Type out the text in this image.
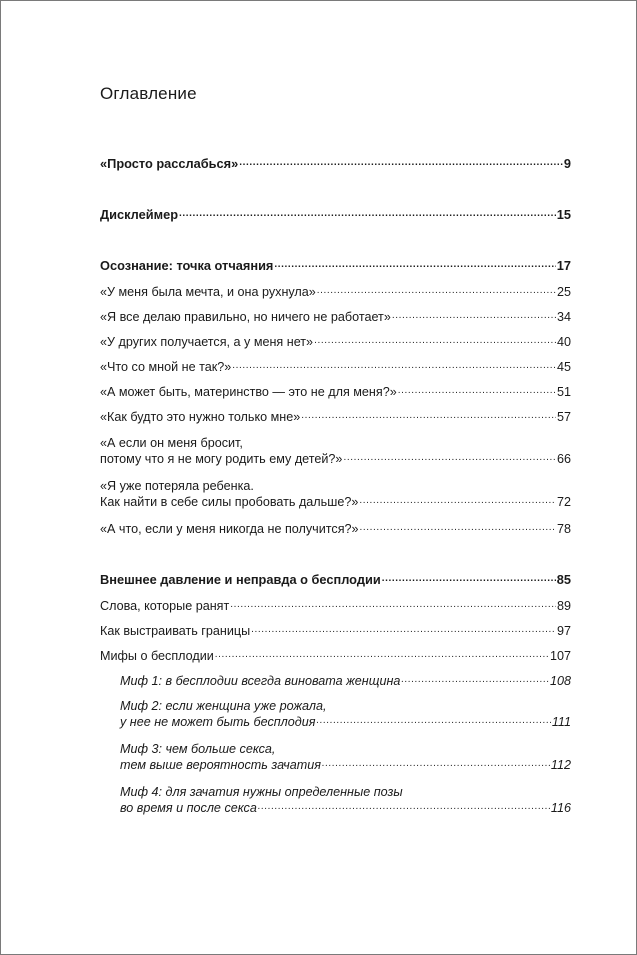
Оглавление
«Просто расслабься» .....	9
Дисклеймер .....	15
Осознание: точка отчаяния .....	17
«У меня была мечта, и она рухнула» .....	25
«Я все делаю правильно, но ничего не работает» .....	34
«У других получается, а у меня нет» .....	40
«Что со мной не так?» .....	45
«А может быть, материнство — это не для меня?» .....	51
«Как будто это нужно только мне» .....	57
«А если он меня бросит,
потому что я не могу родить ему детей?» .....	66
«Я уже потеряла ребенка.
Как найти в себе силы пробовать дальше?» .....	72
«А что, если у меня никогда не получится?» .....	78
Внешнее давление и неправда о бесплодии .....	85
Слова, которые ранят .....	89
Как выстраивать границы .....	97
Мифы о бесплодии .....	107
Миф 1: в бесплодии всегда виновата женщина .....	108
Миф 2: если женщина уже рожала,
у нее не может быть бесплодия .....	111
Миф 3: чем больше секса,
тем выше вероятность зачатия .....	112
Миф 4: для зачатия нужны определенные позы
во время и после секса .....	116
